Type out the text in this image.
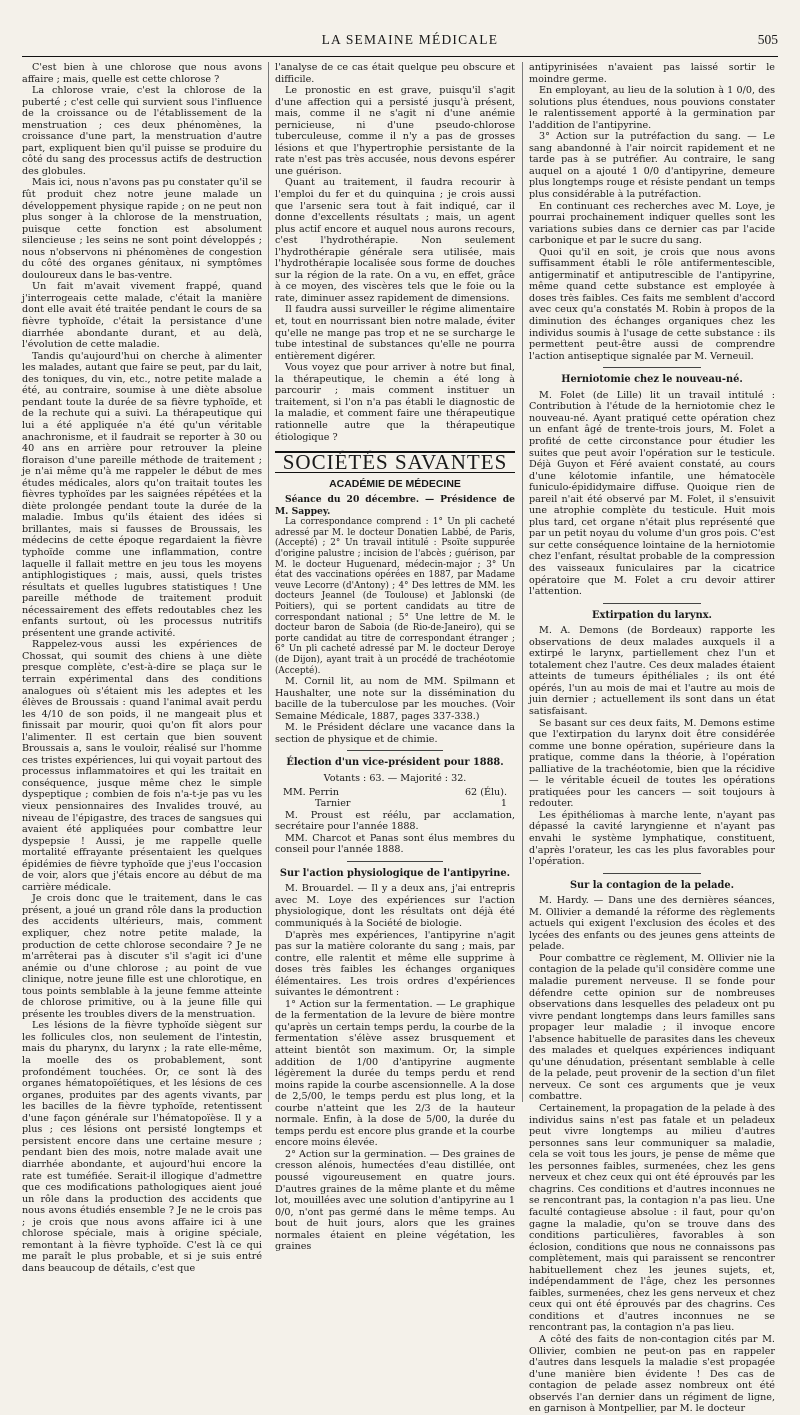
LA SEMAINE MÉDICALE	505

C'est bien à une chlorose que nous avons affaire ; mais, quelle est cette chlorose ?

La chlorose vraie, c'est la chlorose de la puberté ; c'est celle qui survient sous l'influence de la croissance ou de l'établissement de la menstruation ; ces deux phénomènes, la croissance d'une part, la menstruation d'autre part, expliquent bien qu'il puisse se produire du côté du sang des processus actifs de destruction des globules.

Mais ici, nous n'avons pas pu constater qu'il se fût produit chez notre jeune malade un développement physique rapide ; on ne peut non plus songer à la chlorose de la menstruation, puisque cette fonction est absolument silencieuse ; les seins ne sont point développés ; nous n'observons ni phénomènes de congestion du côté des organes génitaux, ni symptômes douloureux dans le bas-ventre.

Un fait m'avait vivement frappé, quand j'interrogeais cette malade, c'était la manière dont elle avait été traitée pendant le cours de sa fièvre typhoïde, c'était la persistance d'une diarrhée abondante durant, et au delà, l'évolution de cette maladie.

Tandis qu'aujourd'hui on cherche à alimenter les malades, autant que faire se peut, par du lait, des toniques, du vin, etc., notre petite malade a été, au contraire, soumise à une diète absolue pendant toute la durée de sa fièvre typhoïde, et de la rechute qui a suivi. La thérapeutique qui lui a été appliquée n'a été qu'un véritable anachronisme, et il faudrait se reporter à 30 ou 40 ans en arrière pour retrouver la pleine floraison d'une pareille méthode de traitement ; je n'ai même qu'à me rappeler le début de mes études médicales, alors qu'on traitait toutes les fièvres typhoïdes par les saignées répétées et la diète prolongée pendant toute la durée de la maladie. Imbus qu'ils étaient des idées si brillantes, mais si fausses de Broussais, les médecins de cette époque regardaient la fièvre typhoïde comme une inflammation, contre laquelle il fallait mettre en jeu tous les moyens antiphlogistiques ; mais, aussi, quels tristes résultats et quelles lugubres statistiques ! Une pareille méthode de traitement produit nécessairement des effets redoutables chez les enfants surtout, où les processus nutritifs présentent une grande activité.

Rappelez-vous aussi les expériences de Chossat, qui soumit des chiens à une diète presque complète, c'est-à-dire se plaça sur le terrain expérimental dans des conditions analogues où s'étaient mis les adeptes et les élèves de Broussais : quand l'animal avait perdu les 4/10 de son poids, il ne mangeait plus et finissait par mourir, quoi qu'on fît alors pour l'alimenter. Il est certain que bien souvent Broussais a, sans le vouloir, réalisé sur l'homme ces tristes expériences, lui qui voyait partout des processus inflammatoires et qui les traitait en conséquence, jusque même chez le simple dyspeptique ; combien de fois n'a-t-je pas vu les vieux pensionnaires des Invalides trouvé, au niveau de l'épigastre, des traces de sangsues qui avaient été appliquées pour combattre leur dyspepsie ! Aussi, je me rappelle quelle mortalité effrayante présentaient les quelques épidémies de fièvre typhoïde que j'eus l'occasion de voir, alors que j'étais encore au début de ma carrière médicale.

Je crois donc que le traitement, dans le cas présent, a joué un grand rôle dans la production des accidents ultérieurs, mais, comment expliquer, chez notre petite malade, la production de cette chlorose secondaire ? Je ne m'arrêterai pas à discuter s'il s'agit ici d'une anémie ou d'une chlorose ; au point de vue clinique, notre jeune fille est une chlorotique, en tous points semblable à la jeune femme atteinte de chlorose primitive, ou à la jeune fille qui présente les troubles divers de la menstruation.

Les lésions de la fièvre typhoïde siègent sur les follicules clos, non seulement de l'intestin, mais du pharynx, du larynx ; la rate elle-même, la moelle des os probablement, sont profondément touchées. Or, ce sont là des organes hématopoïétiques, et les lésions de ces organes, produites par des agents vivants, par les bacilles de la fièvre typhoïde, retentissent d'une façon générale sur l'hématopoïèse. Il y a plus ; ces lésions ont persisté longtemps et persistent encore dans une certaine mesure ; pendant bien des mois, notre malade avait une diarrhée abondante, et aujourd'hui encore la rate est tuméfiée. Serait-il illogique d'admettre que ces modifications pathologiques aient joué un rôle dans la production des accidents que nous avons étudiés ensemble ? Je ne le crois pas ; je crois que nous avons affaire ici à une chlorose spéciale, mais à origine spéciale, remontant à la fièvre typhoïde. C'est là ce qui me paraît le plus probable, et si je suis entré dans beaucoup de détails, c'est que

l'analyse de ce cas était quelque peu obscure et difficile.

Le pronostic en est grave, puisqu'il s'agit d'une affection qui a persisté jusqu'à présent, mais, comme il ne s'agit ni d'une anémie pernicieuse, ni d'une pseudo-chlorose tuberculeuse, comme il n'y a pas de grosses lésions et que l'hypertrophie persistante de la rate n'est pas très accusée, nous devons espérer une guérison.

Quant au traitement, il faudra recourir à l'emploi du fer et du quinquina ; je crois aussi que l'arsenic sera tout à fait indiqué, car il donne d'excellents résultats ; mais, un agent plus actif encore et auquel nous aurons recours, c'est l'hydrothérapie. Non seulement l'hydrothérapie générale sera utilisée, mais l'hydrothérapie localisée sous forme de douches sur la région de la rate. On a vu, en effet, grâce à ce moyen, des viscères tels que le foie ou la rate, diminuer assez rapidement de dimensions.

Il faudra aussi surveiller le régime alimentaire et, tout en nourrissant bien notre malade, éviter qu'elle ne mange pas trop et ne se surcharge le tube intestinal de substances qu'elle ne pourra entièrement digérer.

Vous voyez que pour arriver à notre but final, la thérapeutique, le chemin a été long à parcourir ; mais comment instituer un traitement, si l'on n'a pas établi le diagnostic de la maladie, et comment faire une thérapeutique rationnelle autre que la thérapeutique étiologique ?

SOCIÉTÉS SAVANTES
ACADÉMIE DE MÉDECINE

Séance du 20 décembre. — Présidence de M. Sappey.

La correspondance comprend : 1° Un pli cacheté adressé par M. le docteur Donatien Labbé, de Paris, (Accepté) ; 2° Un travail intitulé : Psoïte suppurée d'origine palustre ; incision de l'abcès ; guérison, par M. le docteur Huguenard, médecin-major ; 3° Un état des vaccinations opérées en 1887, par Madame veuve Lecorre (d'Antony) ; 4° Des lettres de MM. les docteurs Jeannel (de Toulouse) et Jablonski (de Poitiers), qui se portent candidats au titre de correspondant national ; 5° Une lettre de M. le docteur baron de Saboia (de Rio-de-Janeiro), qui se porte candidat au titre de correspondant étranger ; 6° Un pli cacheté adressé par M. le docteur Deroye (de Dijon), ayant trait à un procédé de trachéotomie (Accepté).

M. Cornil lit, au nom de MM. Spilmann et Haushalter, une note sur la dissémination du bacille de la tuberculose par les mouches. (Voir Semaine Médicale, 1887, pages 337-338.)

M. le Président déclare une vacance dans la section de physique et de chimie.

Élection d'un vice-président pour 1888.
Votants : 63. — Majorité : 32.
MM. Perrin	62 (Élu).
Tarnier	1

M. Proust est réélu, par acclamation, secrétaire pour l'année 1888.

MM. Charcot et Panas sont élus membres du conseil pour l'année 1888.

Sur l'action physiologique de l'antipyrine.

M. Brouardel. — Il y a deux ans, j'ai entrepris avec M. Loye des expériences sur l'action physiologique, dont les résultats ont déjà été communiqués à la Société de biologie.

D'après mes expériences, l'antipyrine n'agit pas sur la matière colorante du sang ; mais, par contre, elle ralentit et même elle supprime à doses très faibles les échanges organiques élémentaires. Les trois ordres d'expériences suivantes le démontrent :

1° Action sur la fermentation. — Le graphique de la fermentation de la levure de bière montre qu'après un certain temps perdu, la courbe de la fermentation s'élève assez brusquement et atteint bientôt son maximum. Or, la simple addition de 1/00 d'antipyrine augmente légèrement la durée du temps perdu et rend moins rapide la courbe ascensionnelle. A la dose de 2,5/00, le temps perdu est plus long, et la courbe n'atteint que les 2/3 de la hauteur normale. Enfin, à la dose de 5/00, la durée du temps perdu est encore plus grande et la courbe encore moins élevée.

2° Action sur la germination. — Des graines de cresson alénois, humectées d'eau distillée, ont poussé vigoureusement en quatre jours. D'autres graines de la même plante et du même lot, mouillées avec une solution d'antipyrine au 1 0/0, n'ont pas germé dans le même temps. Au bout de huit jours, alors que les graines normales étaient en pleine végétation, les graines

antipyrinisées n'avaient pas laissé sortir le moindre germe.

En employant, au lieu de la solution à 1 0/0, des solutions plus étendues, nous pouvions constater le ralentissement apporté à la germination par l'addition de l'antipyrine.

3° Action sur la putréfaction du sang. — Le sang abandonné à l'air noircit rapidement et ne tarde pas à se putréfier. Au contraire, le sang auquel on a ajouté 1 0/0 d'antipyrine, demeure plus longtemps rouge et résiste pendant un temps plus considérable à la putréfaction.

En continuant ces recherches avec M. Loye, je pourrai prochainement indiquer quelles sont les variations subies dans ce dernier cas par l'acide carbonique et par le sucre du sang.

Quoi qu'il en soit, je crois que nous avons suffisamment établi le rôle antifermentescible, antigerminatif et antiputrescible de l'antipyrine, même quand cette substance est employée à doses très faibles. Ces faits me semblent d'accord avec ceux qu'a constatés M. Robin à propos de la diminution des échanges organiques chez les individus soumis à l'usage de cette substance : ils permettent peut-être aussi de comprendre l'action antiseptique signalée par M. Verneuil.

Herniotomie chez le nouveau-né.

M. Folet (de Lille) lit un travail intitulé : Contribution à l'étude de la herniotomie chez le nouveau-né. Ayant pratiqué cette opération chez un enfant âgé de trente-trois jours, M. Folet a profité de cette circonstance pour étudier les suites que peut avoir l'opération sur le testicule. Déjà Guyon et Féré avaient constaté, au cours d'une kélotomie infantile, une hématocèle funiculo-épididymaire diffuse. Quoique rien de pareil n'ait été observé par M. Folet, il s'ensuivit une atrophie complète du testicule. Huit mois plus tard, cet organe n'était plus représenté que par un petit noyau du volume d'un gros pois. C'est sur cette conséquence lointaine de la herniotomie chez l'enfant, résultat probable de la compression des vaisseaux funiculaires par la cicatrice opératoire que M. Folet a cru devoir attirer l'attention.

Extirpation du larynx.

M. A. Demons (de Bordeaux) rapporte les observations de deux malades auxquels il a extirpé le larynx, partiellement chez l'un et totalement chez l'autre. Ces deux malades étaient atteints de tumeurs épithéliales ; ils ont été opérés, l'un au mois de mai et l'autre au mois de juin dernier ; actuellement ils sont dans un état satisfaisant.

Se basant sur ces deux faits, M. Demons estime que l'extirpation du larynx doit être considérée comme une bonne opération, supérieure dans la pratique, comme dans la théorie, à l'opération palliative de la trachéotomie, bien que la récidive — le véritable écueil de toutes les opérations pratiquées pour les cancers — soit toujours à redouter.

Les épithéliomas à marche lente, n'ayant pas dépassé la cavité laryngienne et n'ayant pas envahi le système lymphatique, constituent, d'après l'orateur, les cas les plus favorables pour l'opération.

Sur la contagion de la pelade.

M. Hardy. — Dans une des dernières séances, M. Ollivier a demandé la réforme des règlements actuels qui exigent l'exclusion des écoles et des lycées des enfants ou des jeunes gens atteints de pelade.

Pour combattre ce règlement, M. Ollivier nie la contagion de la pelade qu'il considère comme une maladie purement nerveuse. Il se fonde pour défendre cette opinion sur de nombreuses observations dans lesquelles des peladeux ont pu vivre pendant longtemps dans leurs familles sans propager leur maladie ; il invoque encore l'absence habituelle de parasites dans les cheveux des malades et quelques expériences indiquant qu'une dénudation, présentant semblable à celle de la pelade, peut provenir de la section d'un filet nerveux. Ce sont ces arguments que je veux combattre.

Certainement, la propagation de la pelade à des individus sains n'est pas fatale et un peladeux peut vivre longtemps au milieu d'autres personnes sans leur communiquer sa maladie, cela se voit tous les jours, je pense de même que les personnes faibles, surmenées, chez les gens nerveux et chez ceux qui ont été éprouvés par les chagrins. Ces conditions et d'autres inconnues ne se rencontrant pas, la contagion n'a pas lieu. Une faculté contagieuse absolue : il faut, pour qu'on gagne la maladie, qu'on se trouve dans des conditions particulières, favorables à son éclosion, conditions que nous ne connaissons pas complètement, mais qui paraissent se rencontrer habituellement chez les jeunes sujets, et, indépendamment de l'âge, chez les personnes faibles, surmenées, chez les gens nerveux et chez ceux qui ont été éprouvés par des chagrins. Ces conditions et d'autres inconnues ne se rencontrant pas, la contagion n'a pas lieu.

A côté des faits de non-contagion cités par M. Ollivier, combien ne peut-on pas en rappeler d'autres dans lesquels la maladie s'est propagée d'une manière bien évidente ! Des cas de contagion de pelade assez nombreux ont été observés l'an dernier dans un régiment de ligne, en garnison à Montpellier, par M. le docteur
